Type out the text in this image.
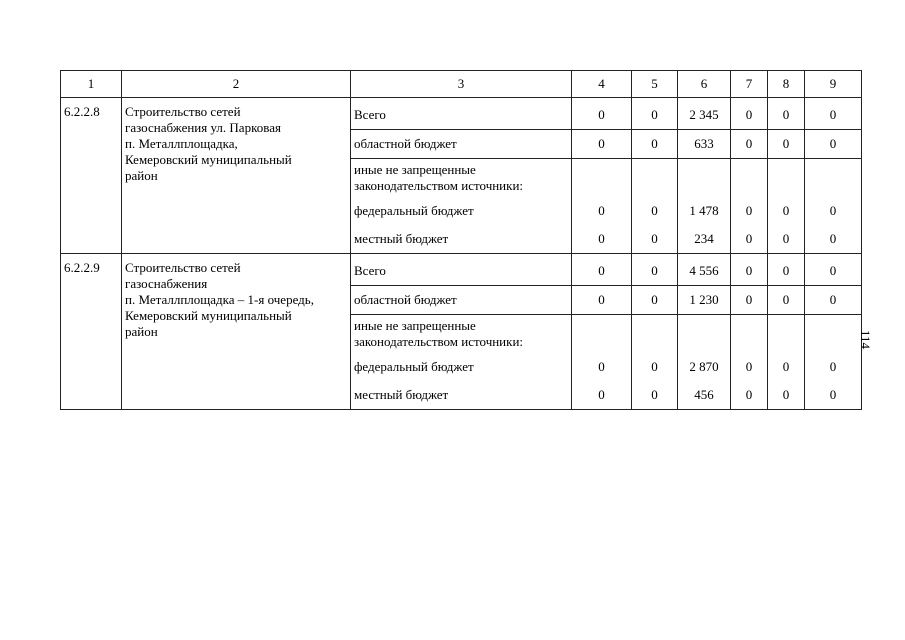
1	2	3	4	5	6	7	8	9
6.2.2.8	Строительство сетей
газоснабжения ул. Парковая
п. Металлплощадка,
Кемеровский муниципальный
район	Всего	0	0	2 345	0	0	0
		областной бюджет	0	0	633	0	0	0
		иные не запрещенные законодательством источники:						
		федеральный бюджет	0	0	1 478	0	0	0
		местный бюджет	0	0	234	0	0	0
6.2.2.9	Строительство сетей
газоснабжения
п. Металлплощадка – 1-я очередь,
Кемеровский муниципальный
район	Всего	0	0	4 556	0	0	0
		областной бюджет	0	0	1 230	0	0	0
		иные не запрещенные законодательством источники:						
		федеральный бюджет	0	0	2 870	0	0	0
		местный бюджет	0	0	456	0	0	0
114
